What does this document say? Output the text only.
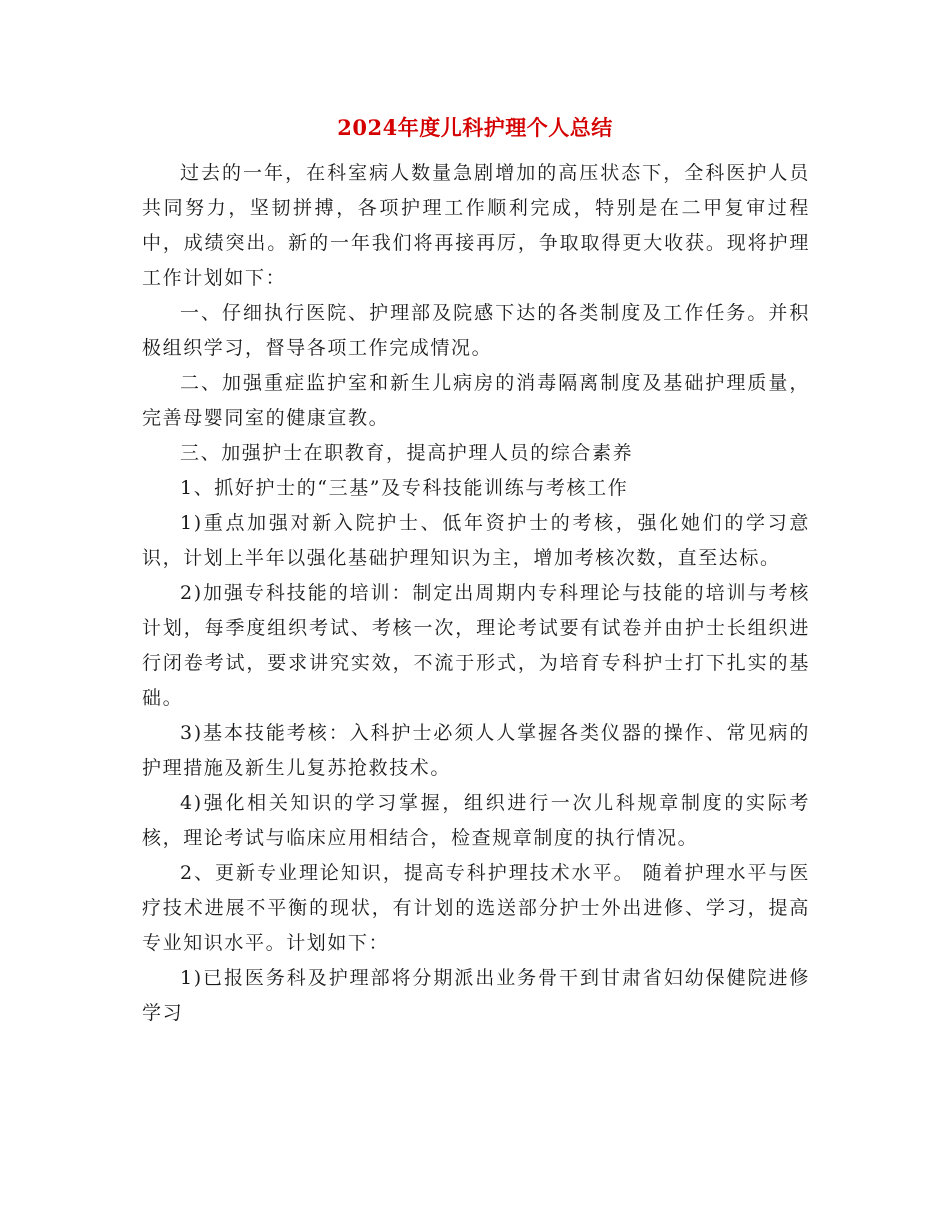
2024年度儿科护理个人总结

过去的一年，在科室病人数量急剧增加的高压状态下，全科医护人员共同努力，坚韧拼搏，各项护理工作顺利完成，特别是在二甲复审过程中，成绩突出。新的一年我们将再接再厉，争取取得更大收获。现将护理工作计划如下：

一、仔细执行医院、护理部及院感下达的各类制度及工作任务。并积极组织学习，督导各项工作完成情况。

二、加强重症监护室和新生儿病房的消毒隔离制度及基础护理质量，完善母婴同室的健康宣教。

三、加强护士在职教育，提高护理人员的综合素养

1、抓好护士的“三基”及专科技能训练与考核工作

1)重点加强对新入院护士、低年资护士的考核，强化她们的学习意识，计划上半年以强化基础护理知识为主，增加考核次数，直至达标。

2)加强专科技能的培训：制定出周期内专科理论与技能的培训与考核计划，每季度组织考试、考核一次，理论考试要有试卷并由护士长组织进行闭卷考试，要求讲究实效，不流于形式，为培育专科护士打下扎实的基础。

3)基本技能考核：入科护士必须人人掌握各类仪器的操作、常见病的护理措施及新生儿复苏抢救技术。

4)强化相关知识的学习掌握，组织进行一次儿科规章制度的实际考核，理论考试与临床应用相结合，检查规章制度的执行情况。

2、更新专业理论知识，提高专科护理技术水平。 随着护理水平与医疗技术进展不平衡的现状，有计划的选送部分护士外出进修、学习，提高专业知识水平。计划如下：

1)已报医务科及护理部将分期派出业务骨干到甘肃省妇幼保健院进修学习
